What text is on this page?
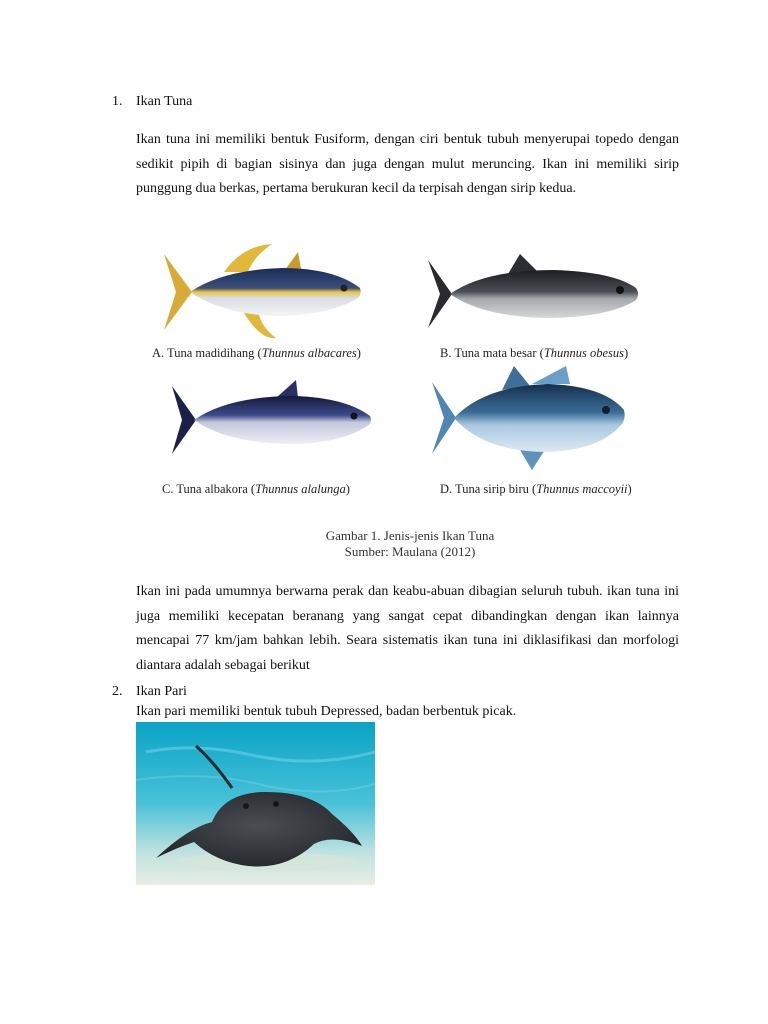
1. Ikan Tuna

Ikan tuna ini memiliki bentuk Fusiform, dengan ciri bentuk tubuh menyerupai topedo dengan sedikit pipih di bagian sisinya dan juga dengan mulut meruncing. Ikan ini memiliki sirip punggung dua berkas, pertama berukuran kecil da terpisah dengan sirip kedua.

A. Tuna madidihang (Thunnus albacares)	B. Tuna mata besar (Thunnus obesus)
C. Tuna albakora (Thunnus alalunga)	D. Tuna sirip biru (Thunnus maccoyii)
Gambar 1. Jenis-jenis Ikan Tuna
Sumber: Maulana (2012)

Ikan ini pada umumnya berwarna perak dan keabu-abuan dibagian seluruh tubuh. ikan tuna ini juga memiliki kecepatan beranang yang sangat cepat dibandingkan dengan ikan lainnya mencapai 77 km/jam bahkan lebih. Seara sistematis ikan tuna ini diklasifikasi dan morfologi diantara adalah sebagai berikut

2. Ikan Pari

Ikan pari memiliki bentuk tubuh Depressed, badan berbentuk picak.
